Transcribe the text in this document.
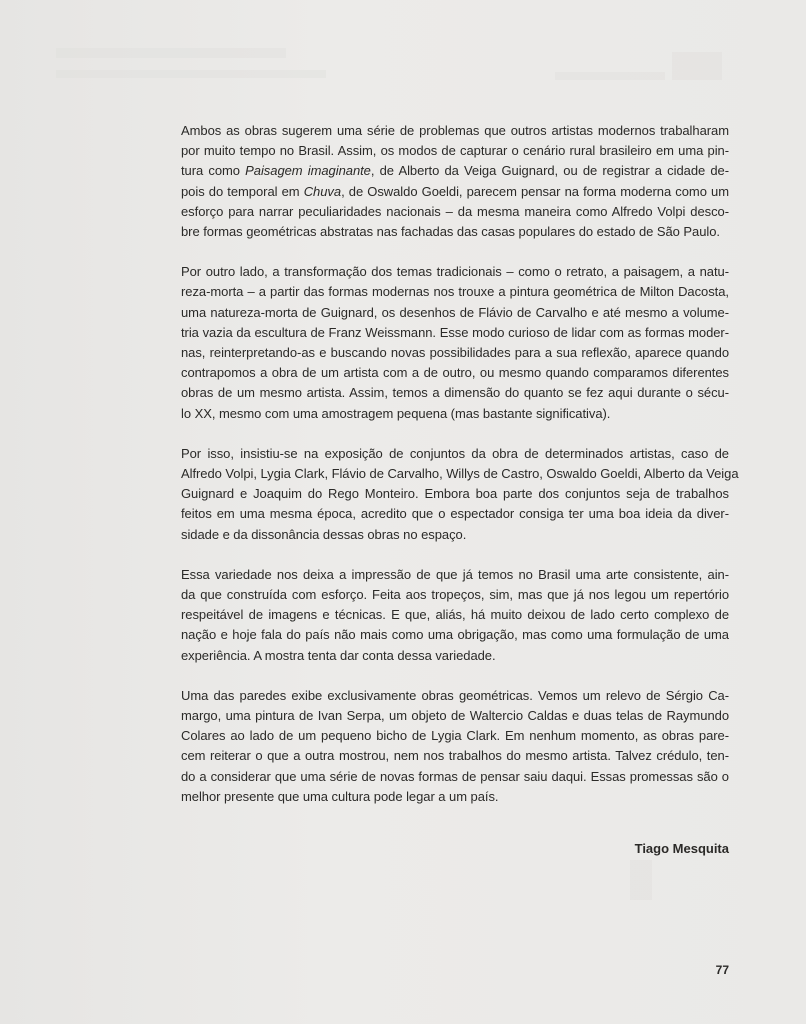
Ambos as obras sugerem uma série de problemas que outros artistas modernos trabalharam
por muito tempo no Brasil. Assim, os modos de capturar o cenário rural brasileiro em uma pin-
tura como Paisagem imaginante, de Alberto da Veiga Guignard, ou de registrar a cidade de-
pois do temporal em Chuva, de Oswaldo Goeldi, parecem pensar na forma moderna como um
esforço para narrar peculiaridades nacionais – da mesma maneira como Alfredo Volpi desco-
bre formas geométricas abstratas nas fachadas das casas populares do estado de São Paulo.

Por outro lado, a transformação dos temas tradicionais – como o retrato, a paisagem, a natu-
reza-morta – a partir das formas modernas nos trouxe a pintura geométrica de Milton Dacosta,
uma natureza-morta de Guignard, os desenhos de Flávio de Carvalho e até mesmo a volume-
tria vazia da escultura de Franz Weissmann. Esse modo curioso de lidar com as formas moder-
nas, reinterpretando-as e buscando novas possibilidades para a sua reflexão, aparece quando
contrapomos a obra de um artista com a de outro, ou mesmo quando comparamos diferentes
obras de um mesmo artista. Assim, temos a dimensão do quanto se fez aqui durante o sécu-
lo XX, mesmo com uma amostragem pequena (mas bastante significativa).

Por isso, insistiu-se na exposição de conjuntos da obra de determinados artistas, caso de
Alfredo Volpi, Lygia Clark, Flávio de Carvalho, Willys de Castro, Oswaldo Goeldi, Alberto da Veiga
Guignard e Joaquim do Rego Monteiro. Embora boa parte dos conjuntos seja de trabalhos
feitos em uma mesma época, acredito que o espectador consiga ter uma boa ideia da diver-
sidade e da dissonância dessas obras no espaço.

Essa variedade nos deixa a impressão de que já temos no Brasil uma arte consistente, ain-
da que construída com esforço. Feita aos tropeços, sim, mas que já nos legou um repertório
respeitável de imagens e técnicas. E que, aliás, há muito deixou de lado certo complexo de
nação e hoje fala do país não mais como uma obrigação, mas como uma formulação de uma
experiência. A mostra tenta dar conta dessa variedade.

Uma das paredes exibe exclusivamente obras geométricas. Vemos um relevo de Sérgio Ca-
margo, uma pintura de Ivan Serpa, um objeto de Waltercio Caldas e duas telas de Raymundo
Colares ao lado de um pequeno bicho de Lygia Clark. Em nenhum momento, as obras pare-
cem reiterar o que a outra mostrou, nem nos trabalhos do mesmo artista. Talvez crédulo, ten-
do a considerar que uma série de novas formas de pensar saiu daqui. Essas promessas são o
melhor presente que uma cultura pode legar a um país.

Tiago Mesquita
77
